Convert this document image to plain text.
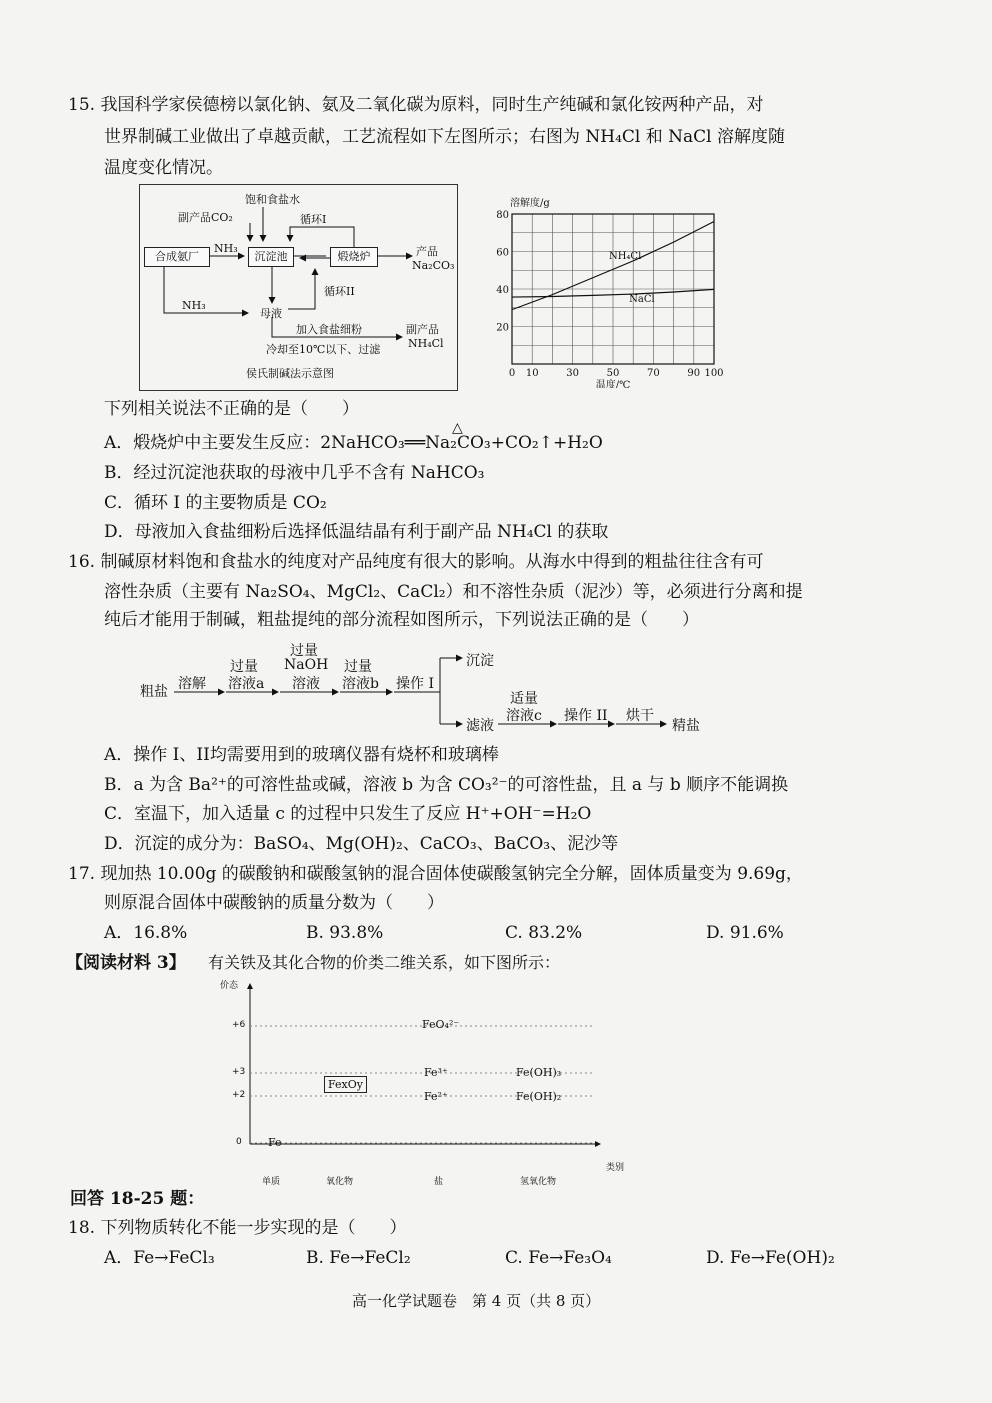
15. 我国科学家侯德榜以氯化钠、氨及二氧化碳为原料，同时生产纯碱和氯化铵两种产品，对
世界制碱工业做出了卓越贡献，工艺流程如下左图所示；右图为 NH₄Cl 和 NaCl 溶解度随
温度变化情况。
饱和食盐水
副产品CO₂	循环I
合成氨厂
NH₃
沉淀池	煅烧炉	产品
Na₂CO₃
NH₃
母液
循环II
加入食盐细粉	副产品
冷却至10℃以下、过滤	NH₄Cl
侯氏制碱法示意图
20
40
60
80
0 10	30	50	70	90 100
溶解度/g
温度/℃
NH₄Cl
NaCl
下列相关说法不正确的是（　　）
△
A．煅烧炉中主要发生反应：2NaHCO₃══Na₂CO₃+CO₂↑+H₂O
B．经过沉淀池获取的母液中几乎不含有 NaHCO₃
C．循环 I 的主要物质是 CO₂
D．母液加入食盐细粉后选择低温结晶有利于副产品 NH₄Cl 的获取
16. 制碱原材料饱和食盐水的纯度对产品纯度有很大的影响。从海水中得到的粗盐往往含有可
溶性杂质（主要有 Na₂SO₄、MgCl₂、CaCl₂）和不溶性杂质（泥沙）等，必须进行分离和提
纯后才能用于制碱，粗盐提纯的部分流程如图所示，下列说法正确的是（　　）
粗盐 溶解
过量
溶液a
过量
NaOH
溶液
过量
溶液b 操作 I
沉淀
滤液
适量
溶液c 操作 II 烘干
精盐
A．操作 I、II均需要用到的玻璃仪器有烧杯和玻璃棒
B．a 为含 Ba²⁺的可溶性盐或碱，溶液 b 为含 CO₃²⁻的可溶性盐，且 a 与 b 顺序不能调换
C．室温下，加入适量 c 的过程中只发生了反应 H⁺+OH⁻=H₂O
D．沉淀的成分为：BaSO₄、Mg(OH)₂、CaCO₃、BaCO₃、泥沙等
17. 现加热 10.00g 的碳酸钠和碳酸氢钠的混合固体使碳酸氢钠完全分解，固体质量变为 9.69g，
则原混合固体中碳酸钠的质量分数为（　　）
A．16.8%	B. 93.8%	C. 83.2%	D. 91.6%
【阅读材料 3】 有关铁及其化合物的价类二维关系，如下图所示：
价态
类别
+6
+3
+2
0
单质	氧化物	盐	氢氧化物
Fe
FexOy
FeO₄²⁻
Fe³⁺
Fe²⁺
Fe(OH)₃
Fe(OH)₂
回答 18-25 题：
18. 下列物质转化不能一步实现的是（　　）
A．Fe→FeCl₃	B. Fe→FeCl₂	C. Fe→Fe₃O₄	D. Fe→Fe(OH)₂
高一化学试题卷　第 4 页（共 8 页）
